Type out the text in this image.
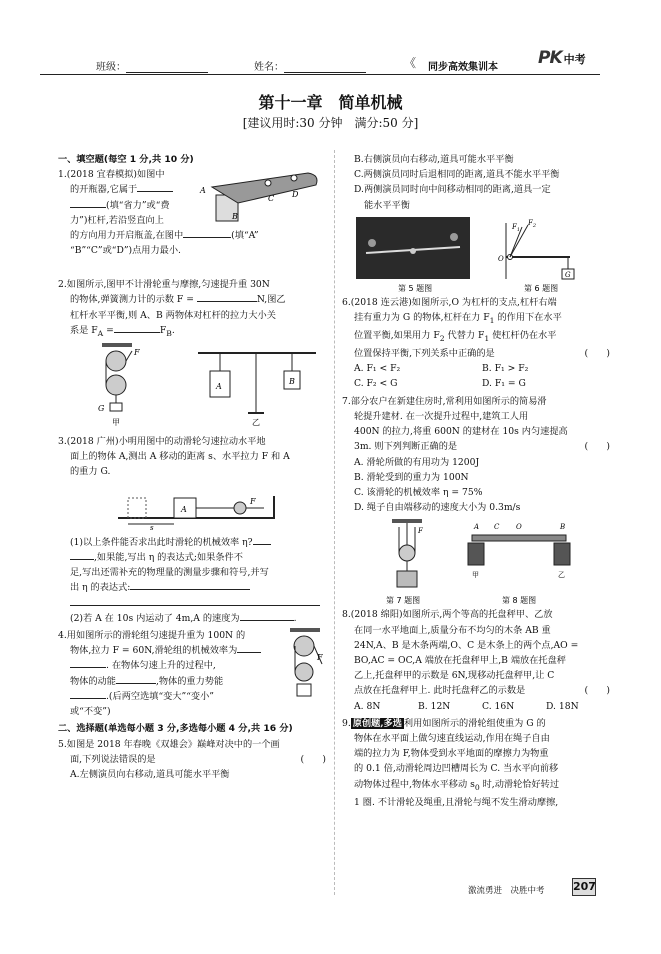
班级：	姓名：	《 同步高效集训本 PK 中考
第十一章　简单机械
[建议用时:30 分钟　满分:50 分]
一、填空题(每空 1 分,共 10 分)
1.(2018 宜春模拟)如图中
的开瓶器,它属于
(填“省力”或“费
力”)杠杆,若沿竖直向上
的方向用力开启瓶盖,在图中	(填“A”
“B”“C”或“D”)点用力最小.
A
B
C D
2.如图所示,图甲不计滑轮重与摩擦,匀速提升重 30N
的物体,弹簧测力计的示数 F =	N,图乙
杠杆水平平衡,则 A、B 两物体对杠杆的拉力大小关
系是 $F_A$ =	$F_B$.
F
G
甲
A
B
乙
3.(2018 广州)小明用图中的动滑轮匀速拉动水平地
面上的物体 A,测出 A 移动的距离 s、水平拉力 F 和 A
的重力 G.
A
F
s
(1)以上条件能否求出此时滑轮的机械效率 η?
,如果能,写出 η 的表达式;如果条件不
足,写出还需补充的物理量的测量步骤和符号,并写
出 η 的表达式:
(2)若 A 在 10s 内运动了 4m,A 的速度为	.
4.用如图所示的滑轮组匀速提升重为 100N 的
物体,拉力 F = 60N,滑轮组的机械效率为
. 在物体匀速上升的过程中,
物体的动能	,物体的重力势能
.(后两空选填“变大”“变小”
或“不变”)
F
二、选择题(单选每小题 3 分,多选每小题 4 分,共 16 分)
5.如图是 2018 年春晚《双雄会》巅峰对决中的一个画
面,下列说法错误的是	(　　)
A.左侧演员向右移动,道具可能水平平衡
B.右侧演员向右移动,道具可能水平平衡
C.两侧演员同时后退相同的距离,道具不能水平平衡
D.两侧演员同时向中间移动相同的距离,道具一定
能水平平衡
第 5 题图
$F_1$
$F_2$
O
G
第 6 题图
6.(2018 连云港)如图所示,O 为杠杆的支点,杠杆右端
挂有重力为 G 的物体,杠杆在力 $F_1$ 的作用下在水平
位置平衡,如果用力 $F_2$ 代替力 $F_1$ 使杠杆仍在水平
位置保持平衡,下列关系中正确的是	(　　)
A. F₁ < F₂	B. F₁ > F₂
C. F₂ < G	D. F₁ = G
7.部分农户在新建住房时,常利用如图所示的简易滑
轮提升建材. 在一次提升过程中,建筑工人用
400N 的拉力,将重 600N 的建材在 10s 内匀速提高
3m. 则下列判断正确的是	(　　)
A. 滑轮所做的有用功为 1200J
B. 滑轮受到的重力为 100N
C. 该滑轮的机械效率 η = 75%
D. 绳子自由端移动的速度大小为 0.3m/s
F
第 7 题图
A C O	B
甲	乙
第 8 题图
8.(2018 绵阳)如图所示,两个等高的托盘秤甲、乙放
在同一水平地面上,质量分布不均匀的木条 AB 重
24N,A、B 是木条两端,O、C 是木条上的两个点,AO =
BO,AC = OC,A 端放在托盘秤甲上,B 端放在托盘秤
乙上,托盘秤甲的示数是 6N,现移动托盘秤甲,让 C
点放在托盘秤甲上. 此时托盘秤乙的示数是	(　　)
A. 8N	B. 12N	C. 16N	D. 18N
9. 原创题,多选 利用如图所示的滑轮组使重为 G 的
物体在水平面上做匀速直线运动,作用在绳子自由
端的拉力为 F,物体受到水平地面的摩擦力为物重
的 0.1 倍,动滑轮周边凹槽周长为 C. 当水平向前移
动物体过程中,物体水平移动 $s_0$ 时,动滑轮恰好转过
1 圈. 不计滑轮及绳重,且滑轮与绳不发生滑动摩擦,
激流勇进　决胜中考	207
